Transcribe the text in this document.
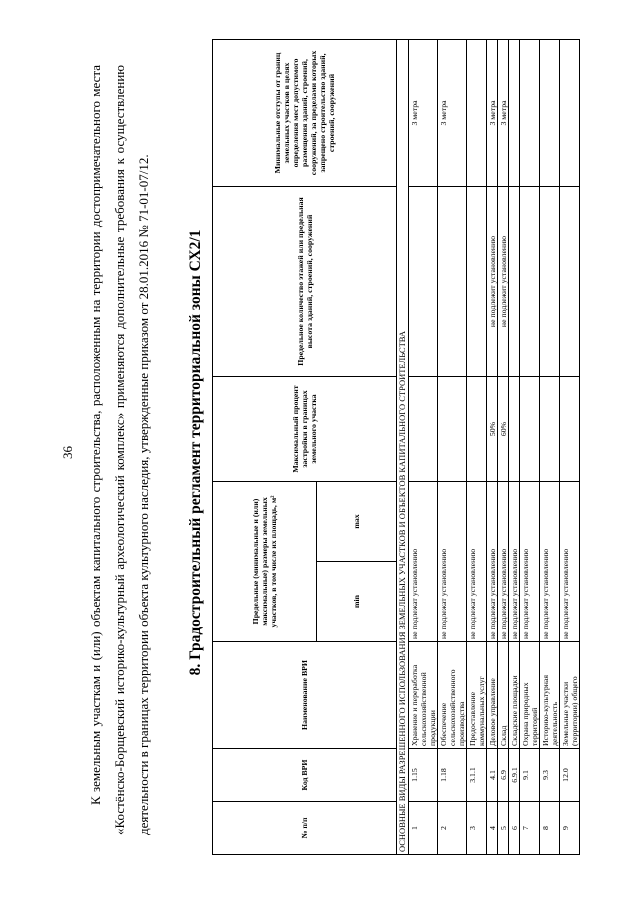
36	К земельным участкам и (или) объектам капитального строительства, расположенным на территории достопримечательного места «Костёнско-Борщевский историко-культурный археологический комплекс» применяются дополнительные требования к осуществлению деятельности в границах территории объекта культурного наследия, утвержденные приказом от 28.01.2016 № 71-01-07/12.	8. Градостроительный регламент территориальной зоны СХ2/1
№ п/п	Код ВРИ	Наименование ВРИ	Предельные (минимальные и (или) максимальные) размеры земельных участков, в том числе их площадь, м²		Максимальный процент застройки в границах земельного участка	Предельное количество этажей или предельная высота зданий, строений, сооружений	Минимальные отступы от границ земельных участков в целях определения мест допустимого размещения зданий, строений, сооружений, за пределами которых запрещено строительство зданий, строений, сооружений
			min	max			
ОСНОВНЫЕ ВИДЫ РАЗРЕШЕННОГО ИСПОЛЬЗОВАНИЯ ЗЕМЕЛЬНЫХ УЧАСТКОВ И ОБЪЕКТОВ КАПИТАЛЬНОГО СТРОИТЕЛЬСТВА							
1	1.15	Хранение и переработка сельскохозяйственной продукции	не подлежат установлению				3 метра
2	1.18	Обеспечение сельскохозяйственного производства	не подлежат установлению				3 метра
3	3.1.1	Предоставление коммунальных услуг	не подлежат установлению				
4	4.1	Деловое управление	не подлежат установлению		50%	не подлежит установлению	3 метра
5	6.9	Склад	не подлежат установлению		60%	не подлежит установлению	3 метра
6	6.9.1	Складские площадки	не подлежат установлению				
7	9.1	Охрана природных территорий	не подлежат установлению				
8	9.3	Историко-культурная деятельность	не подлежат установлению				
9	12.0	Земельные участки (территории) общего	не подлежат установлению				
